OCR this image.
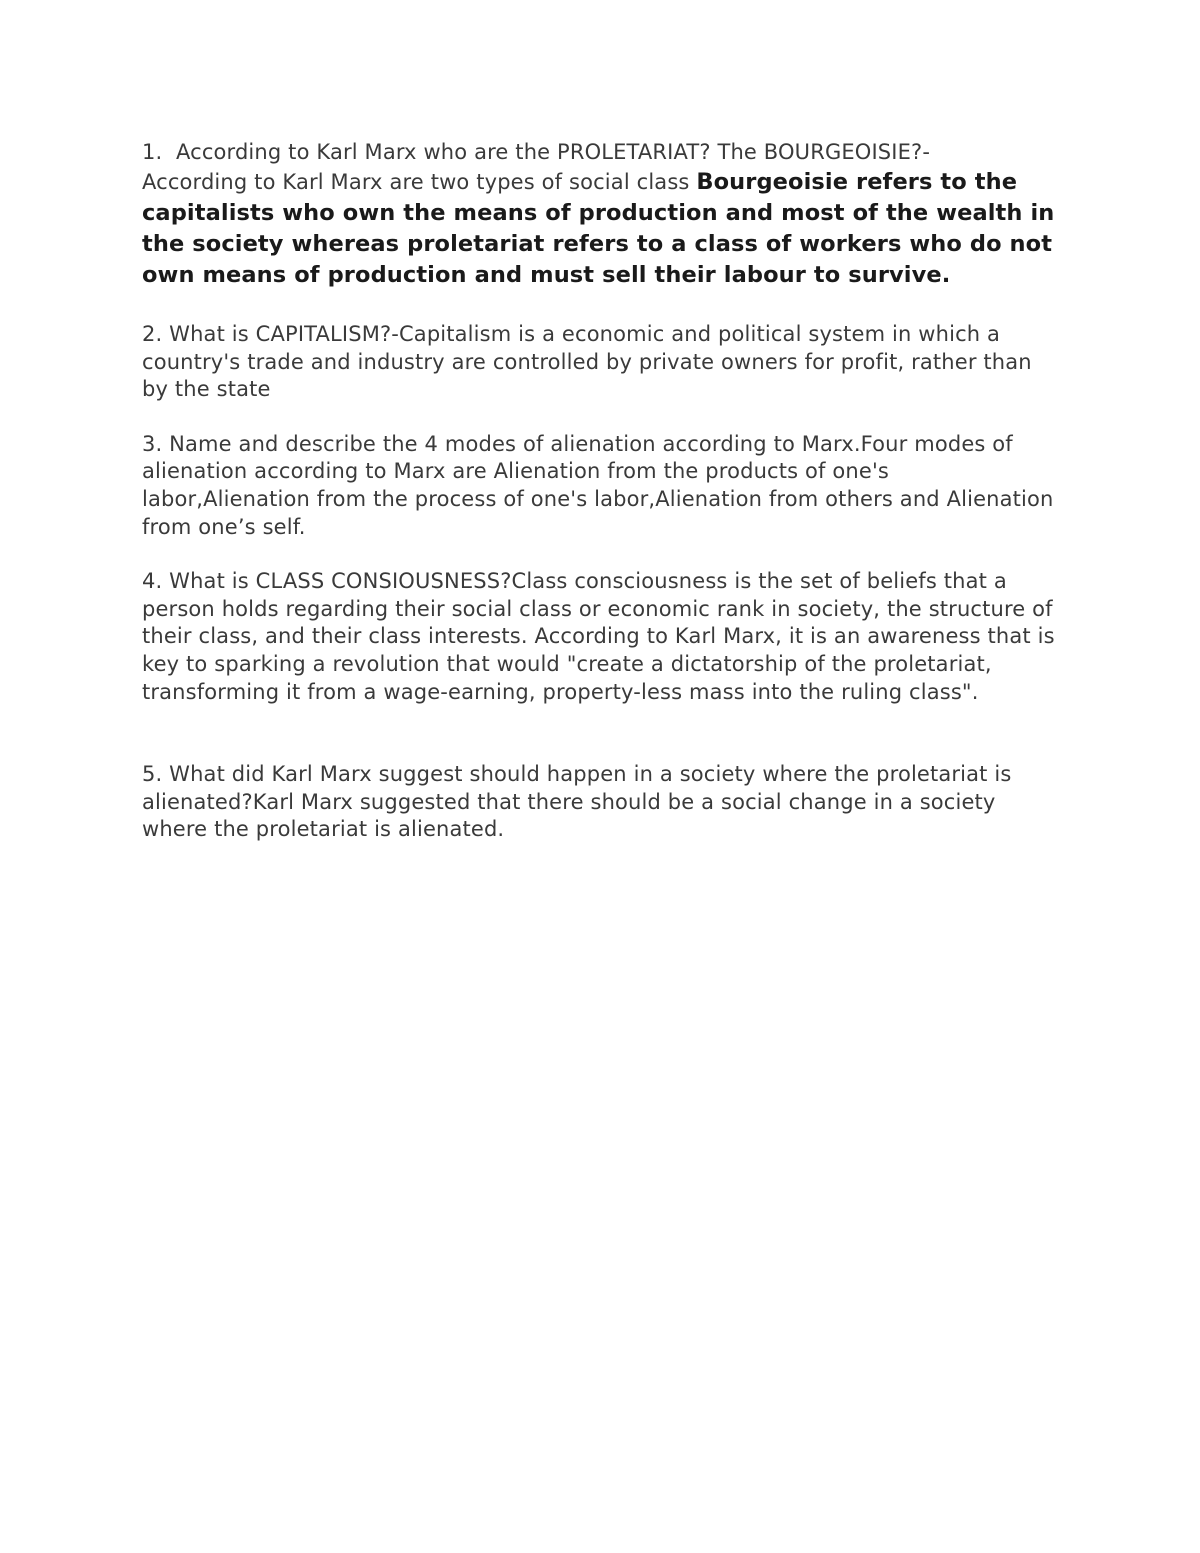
1. According to Karl Marx who are the PROLETARIAT? The BOURGEOISIE?-
According to Karl Marx are two types of social class Bourgeoisie refers to the capitalists who own the means of production and most of the wealth in the society whereas proletariat refers to a class of workers who do not own means of production and must sell their labour to survive.

2. What is CAPITALISM?-Capitalism is a economic and political system in which a country's trade and industry are controlled by private owners for profit, rather than by the state

3. Name and describe the 4 modes of alienation according to Marx.Four modes of alienation according to Marx are Alienation from the products of one's labor,Alienation from the process of one's labor,Alienation from others and Alienation from one’s self.

4. What is CLASS CONSIOUSNESS?Class consciousness is the set of beliefs that a person holds regarding their social class or economic rank in society, the structure of their class, and their class interests. According to Karl Marx, it is an awareness that is key to sparking a revolution that would "create a dictatorship of the proletariat, transforming it from a wage-earning, property-less mass into the ruling class".

5. What did Karl Marx suggest should happen in a society where the proletariat is alienated?Karl Marx suggested that there should be a social change in a society where the proletariat is alienated.
